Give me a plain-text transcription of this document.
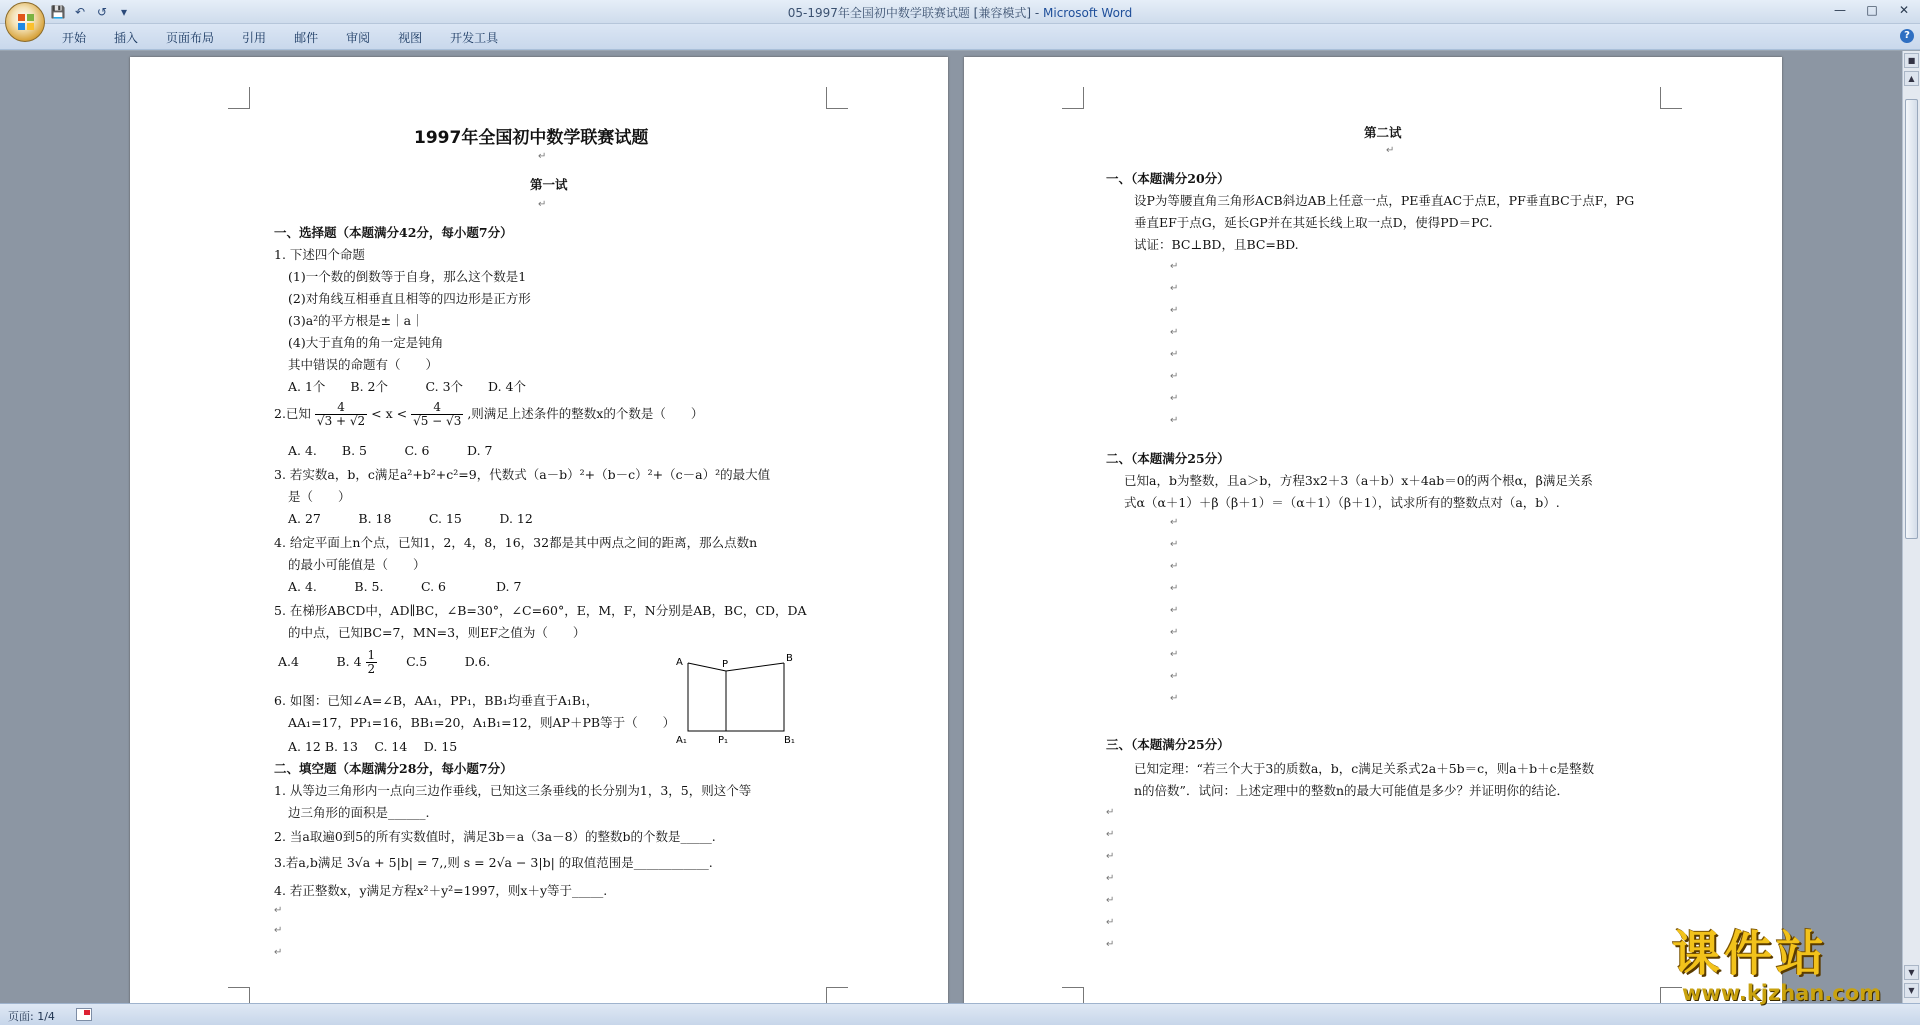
💾 ↶ ↺	▾	05-1997年全国初中数学联赛试题 [兼容模式] - Microsoft Word	—	□	✕
开始	插入	页面布局	引用	邮件	审阅	视图	开发工具	?
1997年全国初中数学联赛试题
↵
第一试
↵
一、选择题（本题满分42分，每小题7分）
1. 下述四个命题
(1)一个数的倒数等于自身，那么这个数是1
(2)对角线互相垂直且相等的四边形是正方形
(3)a²的平方根是±｜a｜
(4)大于直角的角一定是钝角
其中错误的命题有（　　）
A. 1个　　B. 2个　　　C. 3个　　D. 4个
2.已知 $\frac{4}{√3 + √2} < x < \frac{4}{√5 - √3}$ ,则满足上述条件的整数x的个数是（　　）
A. 4.　　B. 5　　　C. 6　　　D. 7
3. 若实数a，b，c满足a²+b²+c²=9，代数式（a－b）²+（b－c）²+（c－a）²的最大值
是（　　）
A. 27　　　B. 18　　　C. 15　　　D. 12
4. 给定平面上n个点，已知1，2，4，8，16，32都是其中两点之间的距离，那么点数n
的最小可能值是（　　）
A. 4.　　　B. 5.　　　C. 6　　　　D. 7
5. 在梯形ABCD中，AD∥BC，∠B=30°，∠C=60°，E，M，F，N分别是AB，BC，CD，DA
的中点，已知BC=7，MN=3，则EF之值为（　　）
A.4　　　B. $4 \frac{1}{2}$ 　　C.5　　　D.6.
6. 如图：已知∠A=∠B，AA₁，PP₁，BB₁均垂直于A₁B₁，
AA₁=17，PP₁=16，BB₁=20，A₁B₁=12，则AP＋PB等于（　　）
A. 12 B. 13　 C. 14　 D. 15
A	P
B
A₁	P₁	B₁
二、填空题（本题满分28分，每小题7分）
1. 从等边三角形内一点向三边作垂线，已知这三条垂线的长分别为1，3，5，则这个等
边三角形的面积是______.
2. 当a取遍0到5的所有实数值时，满足3b＝a（3a－8）的整数b的个数是_____.
3.若a,b满足 3√a + 5|b| = 7,,则 s = 2√a − 3|b| 的取值范围是____________.
4. 若正整数x，y满足方程x²＋y²=1997，则x＋y等于_____.
↵
↵
↵
第二试
↵
一、（本题满分20分）
设P为等腰直角三角形ACB斜边AB上任意一点，PE垂直AC于点E，PF垂直BC于点F，PG
垂直EF于点G，延长GP并在其延长线上取一点D，使得PD＝PC.
试证：BC⊥BD，且BC=BD.
↵
↵
↵
↵
↵
↵
↵
↵
二、（本题满分25分）
已知a，b为整数，且a＞b，方程3x2＋3（a＋b）x＋4ab＝0的两个根α，β满足关系
式α（α＋1）＋β（β＋1）＝（α＋1）（β＋1），试求所有的整数点对（a，b）.
↵
↵
↵
↵
↵
↵
↵
↵
↵
三、（本题满分25分）
已知定理：“若三个大于3的质数a，b，c满足关系式2a＋5b＝c，则a＋b＋c是整数
n的倍数”．试问：上述定理中的整数n的最大可能值是多少？并证明你的结论．
↵
↵
↵
↵
↵
↵
↵
■
▲
▼
▼
页面: 1/4
课件站
www.kjzhan.com
